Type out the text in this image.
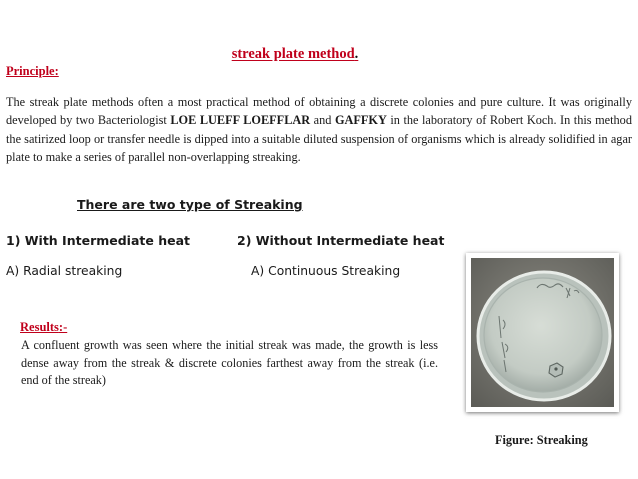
streak plate method.
Principle:
The streak plate methods often a most practical method of obtaining a discrete colonies and pure culture. It was originally developed by two Bacteriologist LOE LUEFF LOEFFLAR and GAFFKY in the laboratory of Robert Koch. In this method the satirized loop or transfer needle is dipped into a suitable diluted suspension of organisms which is already solidified in agar plate to make a series of parallel non-overlapping streaking.
There are two type of Streaking
1) With Intermediate heat	2) Without Intermediate heat
A) Radial streaking	A) Continuous Streaking
Results:-
A confluent growth was seen where the initial streak was made, the growth is less dense away from the streak & discrete colonies farthest away from the streak (i.e. end of the streak)
Figure: Streaking
